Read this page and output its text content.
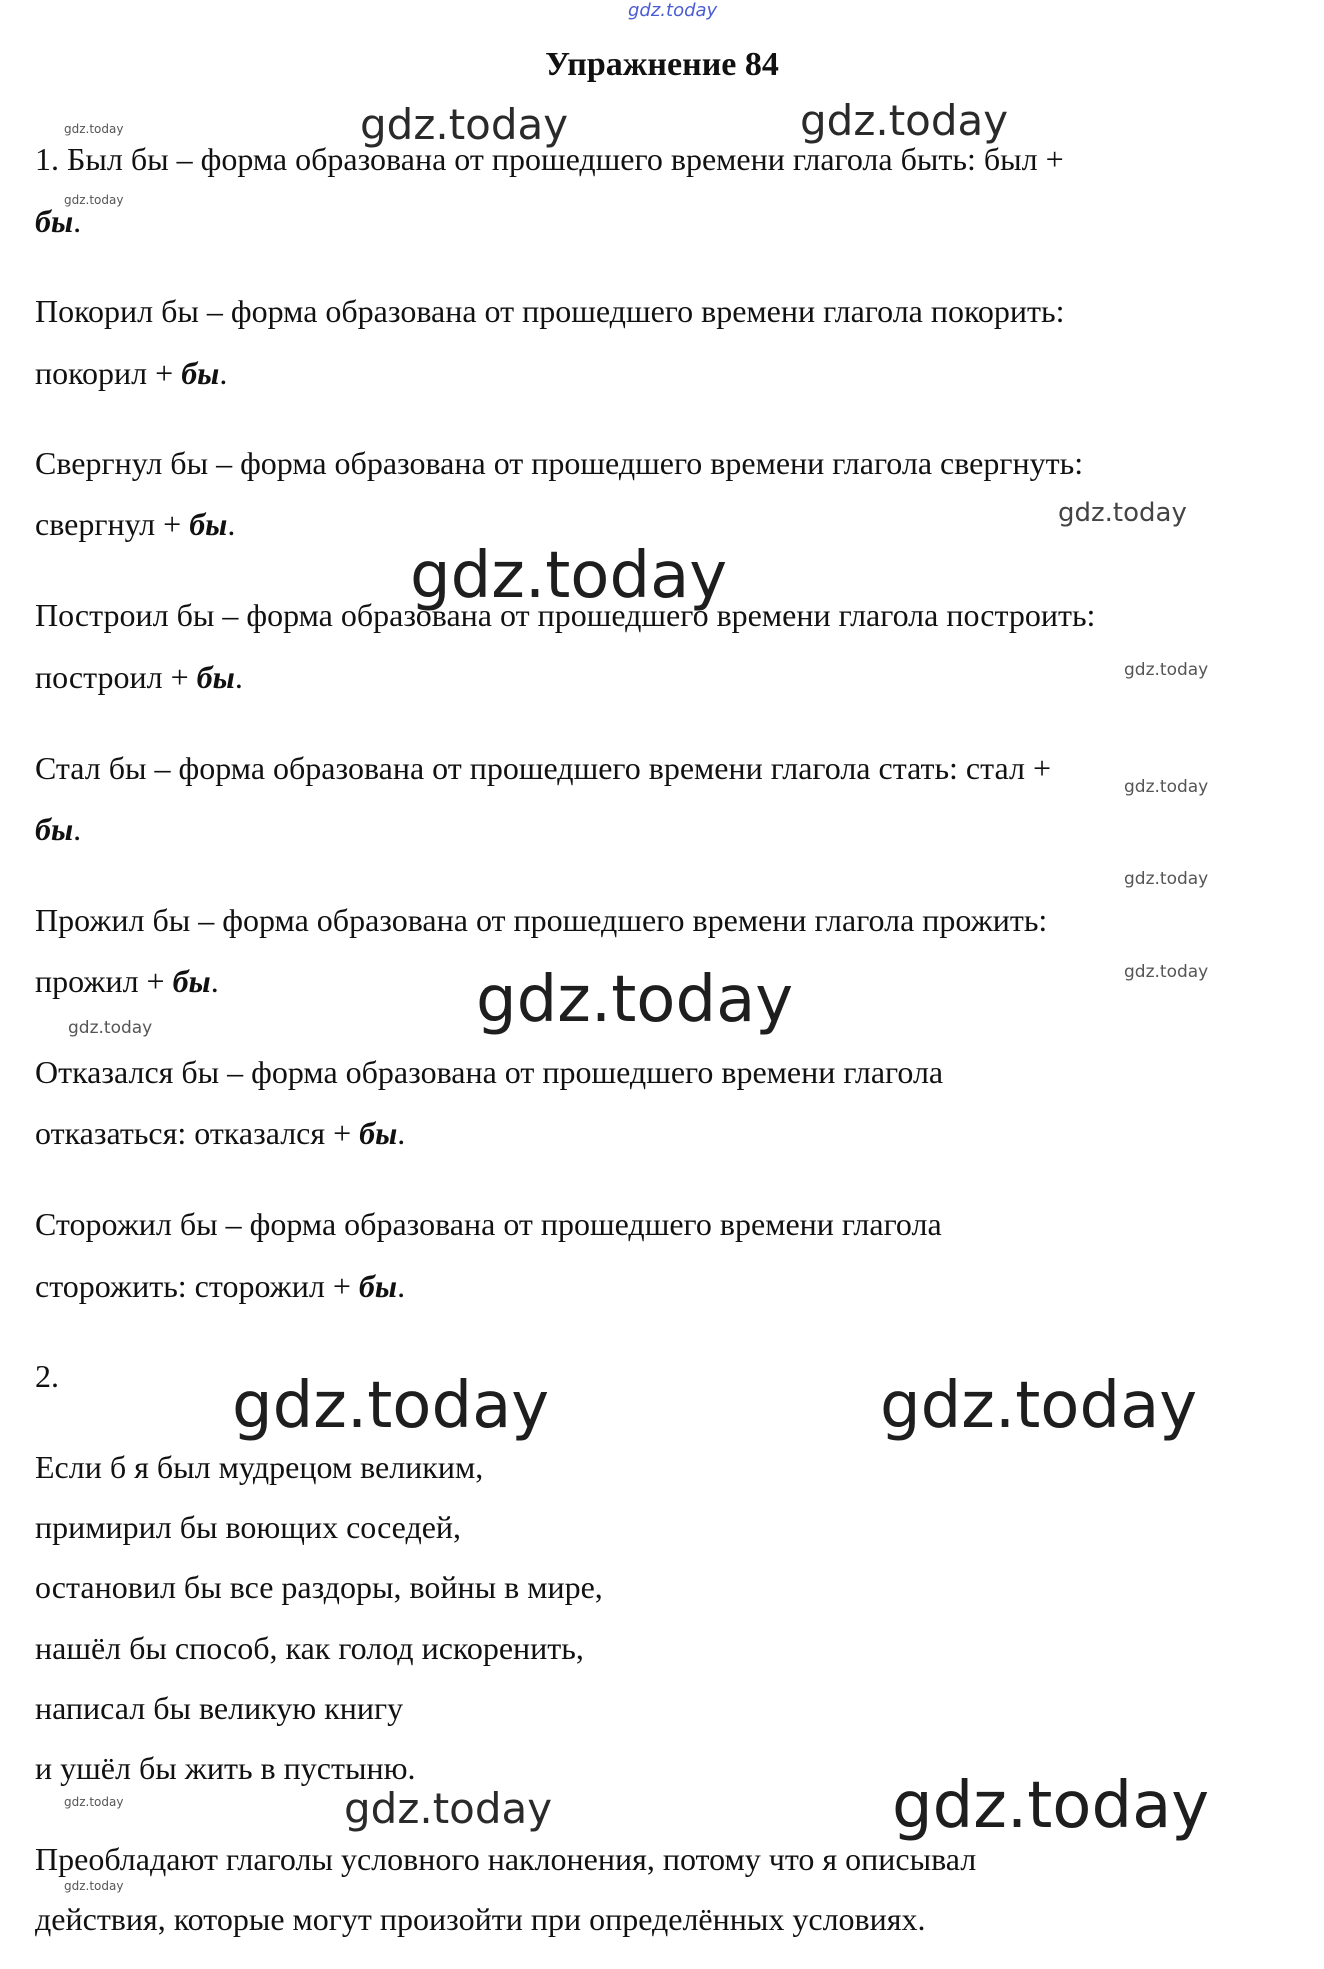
gdz.today
Упражнение 84
gdz.today	gdz.today
gdz.today
gdz.today
gdz.today
gdz.today
gdz.today
gdz.today
gdz.today
gdz.today
gdz.today
gdz.today
gdz.today	gdz.today
gdz.today	gdz.today	gdz.today
gdz.today
1. Был бы – форма образована от прошедшего времени глагола быть: был +
бы.
Покорил бы – форма образована от прошедшего времени глагола покорить:
покорил + бы.
Свергнул бы – форма образована от прошедшего времени глагола свергнуть:
свергнул + бы.
Построил бы – форма образована от прошедшего времени глагола построить:
построил + бы.
Стал бы – форма образована от прошедшего времени глагола стать: стал +
бы.
Прожил бы – форма образована от прошедшего времени глагола прожить:
прожил + бы.
Отказался бы – форма образована от прошедшего времени глагола
отказаться: отказался + бы.
Сторожил бы – форма образована от прошедшего времени глагола
сторожить: сторожил + бы.
2.
Если б я был мудрецом великим,
примирил бы воющих соседей,
остановил бы все раздоры, войны в мире,
нашёл бы способ, как голод искоренить,
написал бы великую книгу
и ушёл бы жить в пустыню.
Преобладают глаголы условного наклонения, потому что я описывал
действия, которые могут произойти при определённых условиях.
